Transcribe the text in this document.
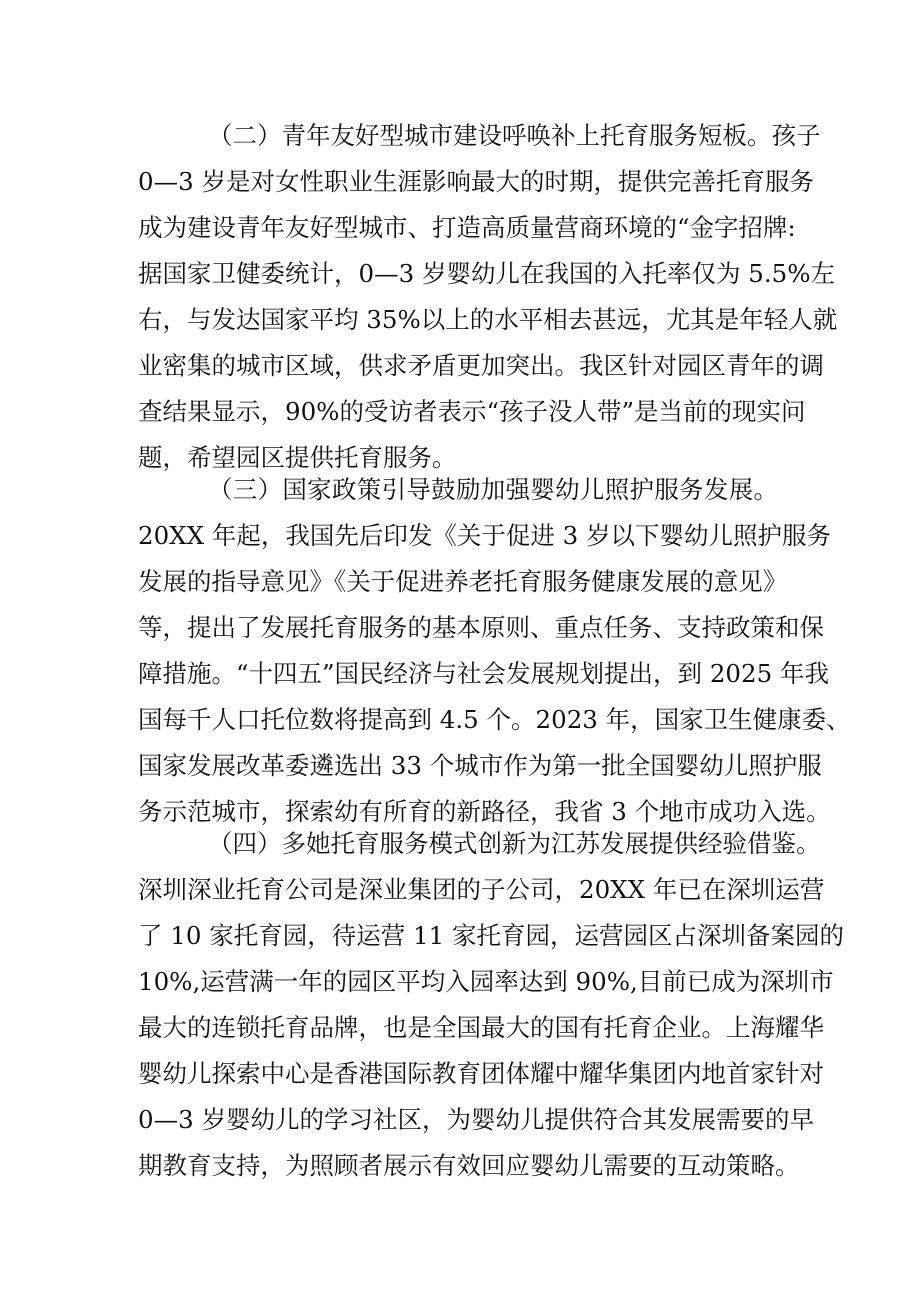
（二）青年友好型城市建设呼唤补上托育服务短板。孩子
0—3 岁是对女性职业生涯影响最大的时期，提供完善托育服务
成为建设青年友好型城市、打造高质量营商环境的“金字招牌:
据国家卫健委统计，0—3 岁婴幼儿在我国的入托率仅为 5.5%左
右，与发达国家平均 35%以上的水平相去甚远，尤其是年轻人就
业密集的城市区域，供求矛盾更加突出。我区针对园区青年的调
查结果显示，90%的受访者表示“孩子没人带”是当前的现实问
题，希望园区提供托育服务。
（三）国家政策引导鼓励加强婴幼儿照护服务发展。
20XX 年起，我国先后印发《关于促进 3 岁以下婴幼儿照护服务
发展的指导意见》《关于促进养老托育服务健康发展的意见》
等，提出了发展托育服务的基本原则、重点任务、支持政策和保
障措施。“十四五”国民经济与社会发展规划提出，到 2025 年我
国每千人口托位数将提高到 4.5 个。2023 年，国家卫生健康委、
国家发展改革委遴选出 33 个城市作为第一批全国婴幼儿照护服
务示范城市，探索幼有所育的新路径，我省 3 个地市成功入选。
（四）多她托育服务模式创新为江苏发展提供经验借鉴。
深圳深业托育公司是深业集团的子公司，20XX 年已在深圳运营
了 10 家托育园，待运营 11 家托育园，运营园区占深圳备案园的
10%,运营满一年的园区平均入园率达到 90%,目前已成为深圳市
最大的连锁托育品牌，也是全国最大的国有托育企业。上海耀华
婴幼儿探索中心是香港国际教育团体耀中耀华集团内地首家针对
0—3 岁婴幼儿的学习社区，为婴幼儿提供符合其发展需要的早
期教育支持，为照顾者展示有效回应婴幼儿需要的互动策略。
